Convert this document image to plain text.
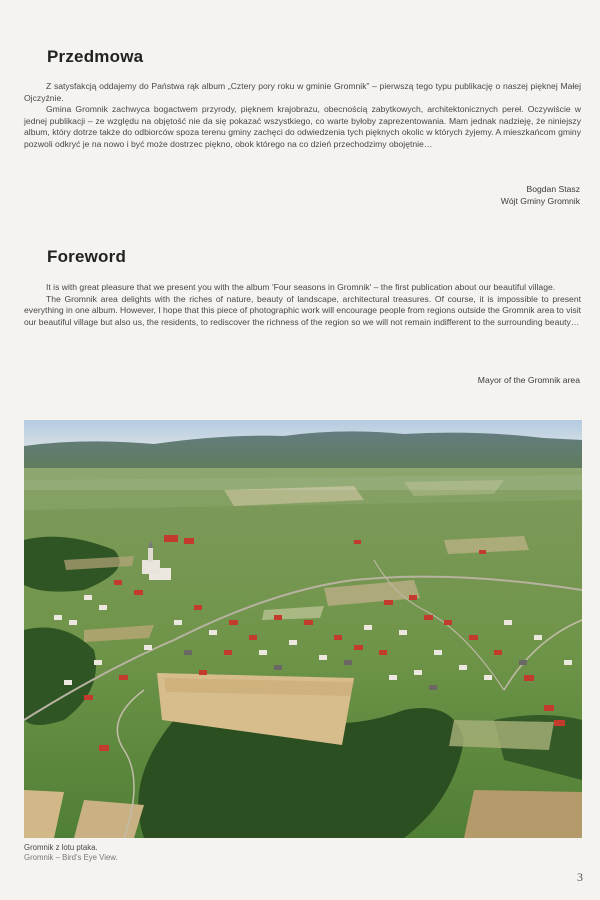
Przedmowa

Z satysfakcją oddajemy do Państwa rąk album „Cztery pory roku w gminie Gromnik” – pierwszą tego typu publikację o naszej pięknej Małej Ojczyźnie.

Gmina Gromnik zachwyca bogactwem przyrody, pięknem krajobrazu, obecnością zabytkowych, architektonicznych pereł. Oczywiście w jednej publikacji – ze względu na objętość nie da się pokazać wszystkiego, co warte byłoby zaprezentowania. Mam jednak nadzieję, że niniejszy album, który dotrze także do odbiorców spoza terenu gminy zachęci do odwiedzenia tych pięknych okolic w których żyjemy. A mieszkańcom gminy pozwoli odkryć je na nowo i być może dostrzec piękno, obok którego na co dzień przechodzimy obojętnie…

Bogdan Stasz
Wójt Gminy Gromnik
Foreword

It is with great pleasure that we present you with the album 'Four seasons in Gromnik' – the first publication about our beautiful village.

The Gromnik area delights with the riches of nature, beauty of landscape, architectural treasures. Of course, it is impossible to present everything in one album. However, I hope that this piece of photographic work will encourage people from regions outside the Gromnik area to visit our beautiful village but also us, the residents, to rediscover the richness of the region so we will not remain indifferent to the surrounding beauty…

Mayor of the Gromnik area
Gromnik z lotu ptaka.
Gromnik – Bird's Eye View.
3
